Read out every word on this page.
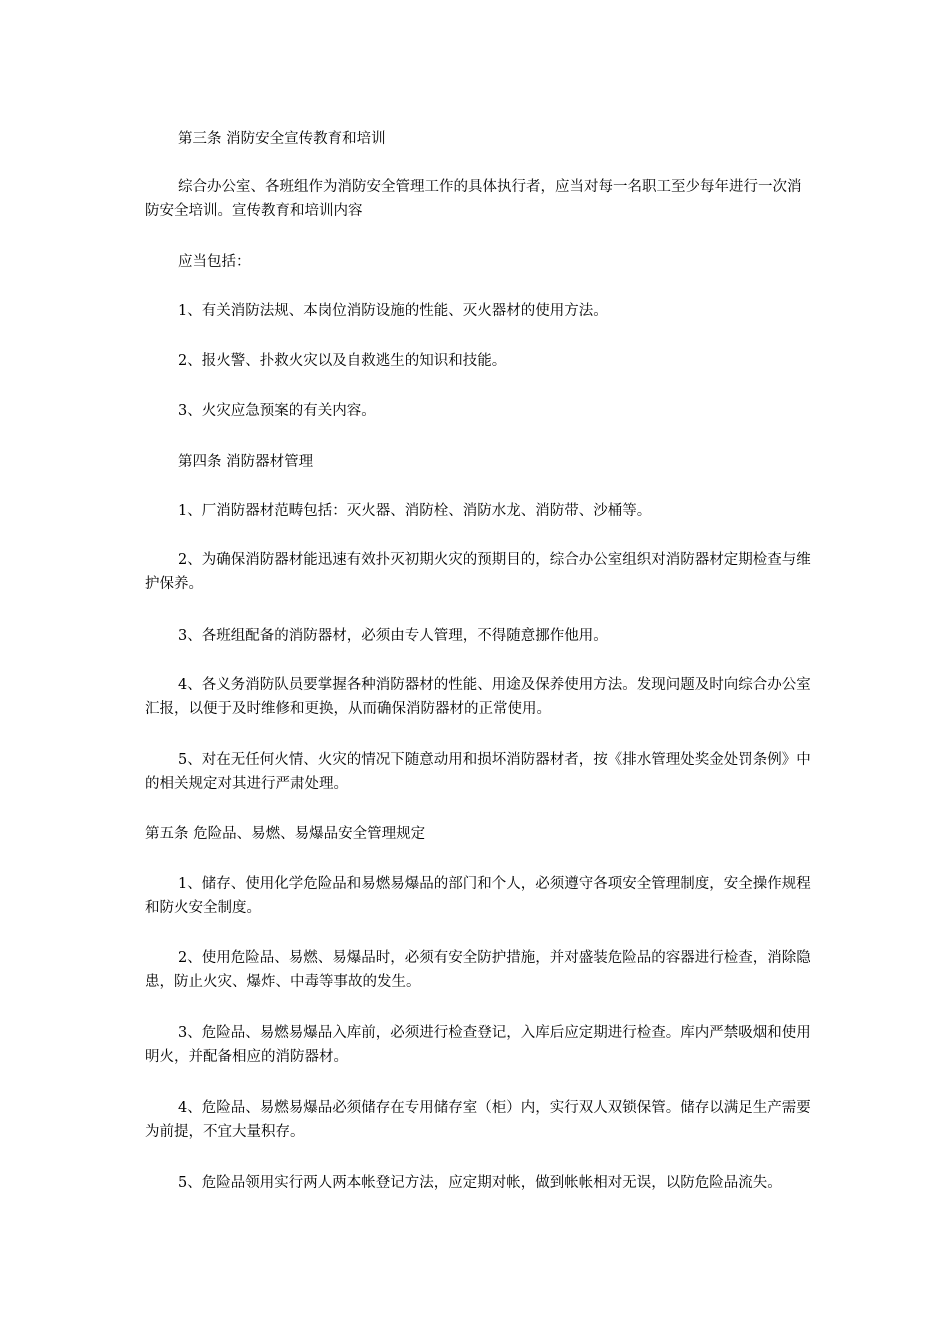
第三条 消防安全宣传教育和培训

综合办公室、各班组作为消防安全管理工作的具体执行者，应当对每一名职工至少每年进行一次消防安全培训。宣传教育和培训内容

应当包括：

1、有关消防法规、本岗位消防设施的性能、灭火器材的使用方法。

2、报火警、扑救火灾以及自救逃生的知识和技能。

3、火灾应急预案的有关内容。

第四条 消防器材管理

1、厂消防器材范畴包括：灭火器、消防栓、消防水龙、消防带、沙桶等。

2、为确保消防器材能迅速有效扑灭初期火灾的预期目的，综合办公室组织对消防器材定期检查与维护保养。

3、各班组配备的消防器材，必须由专人管理，不得随意挪作他用。

4、各义务消防队员要掌握各种消防器材的性能、用途及保养使用方法。发现问题及时向综合办公室汇报，以便于及时维修和更换，从而确保消防器材的正常使用。

5、对在无任何火情、火灾的情况下随意动用和损坏消防器材者，按《排水管理处奖金处罚条例》中的相关规定对其进行严肃处理。

第五条 危险品、易燃、易爆品安全管理规定

1、储存、使用化学危险品和易燃易爆品的部门和个人，必须遵守各项安全管理制度，安全操作规程和防火安全制度。

2、使用危险品、易燃、易爆品时，必须有安全防护措施，并对盛装危险品的容器进行检查，消除隐患，防止火灾、爆炸、中毒等事故的发生。

3、危险品、易燃易爆品入库前，必须进行检查登记，入库后应定期进行检查。库内严禁吸烟和使用明火，并配备相应的消防器材。

4、危险品、易燃易爆品必须储存在专用储存室（柜）内，实行双人双锁保管。储存以满足生产需要为前提，不宜大量积存。

5、危险品领用实行两人两本帐登记方法，应定期对帐，做到帐帐相对无误，以防危险品流失。
